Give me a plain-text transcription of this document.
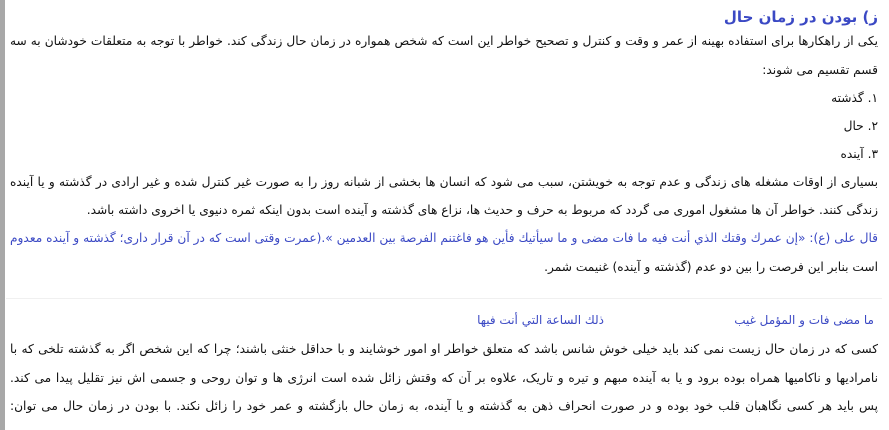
ز) بودن در زمان حال
یکی از راهکارها برای استفاده بهینه از عمر و وقت و کنترل و تصحیح خواطر این است که شخص همواره در زمان حال زندگی کند. خواطر با توجه به متعلقات خودشان به سه
قسم تقسیم می شوند:
۱. گذشته
۲. حال
۳. آینده
بسیاری از اوقات مشغله های زندگی و عدم توجه به خویشتن، سبب می شود که انسان ها بخشی از شبانه روز را به صورت غیر کنترل شده و غیر ارادی در گذشته و یا آینده
زندگی کنند. خواطر آن ها مشغول اموری می گردد که مربوط به حرف و حدیث ها، نزاع های گذشته و آینده است بدون اینکه ثمره دنیوی یا اخروی داشته باشد.
قال علی (ع): «إن عمرك وقتك الذي أنت فيه ما فات مضى و ما سيأتيك فأين هو فاغتنم الفرصة بين العدمين ».(عمرت وقتی است که در آن قرار داری؛ گذشته و آینده معدوم
است بنابر این فرصت را بین دو عدم (گذشته و آینده) غنیمت شمر.
ما مضى فات و المؤمل غيب
ذلك الساعة التي أنت فيها
کسی که در زمان حال زیست نمی کند باید خیلی خوش شانس باشد که متعلق خواطر او امور خوشایند و با حداقل خنثی باشند؛ چرا که این شخص اگر به گذشته تلخی که با
نامرادیها و ناکامیها همراه بوده برود و یا به آینده مبهم و تیره و تاریک، علاوه بر آن که وقتش زائل شده است انرژی ها و توان روحی و جسمی اش نیز تقلیل پیدا می کند.
پس باید هر کسی نگاهبان قلب خود بوده و در صورت انحراف ذهن به گذشته و یا آینده، به زمان حال بازگشته و عمر خود را زائل نکند. با بودن در زمان حال می توان:
